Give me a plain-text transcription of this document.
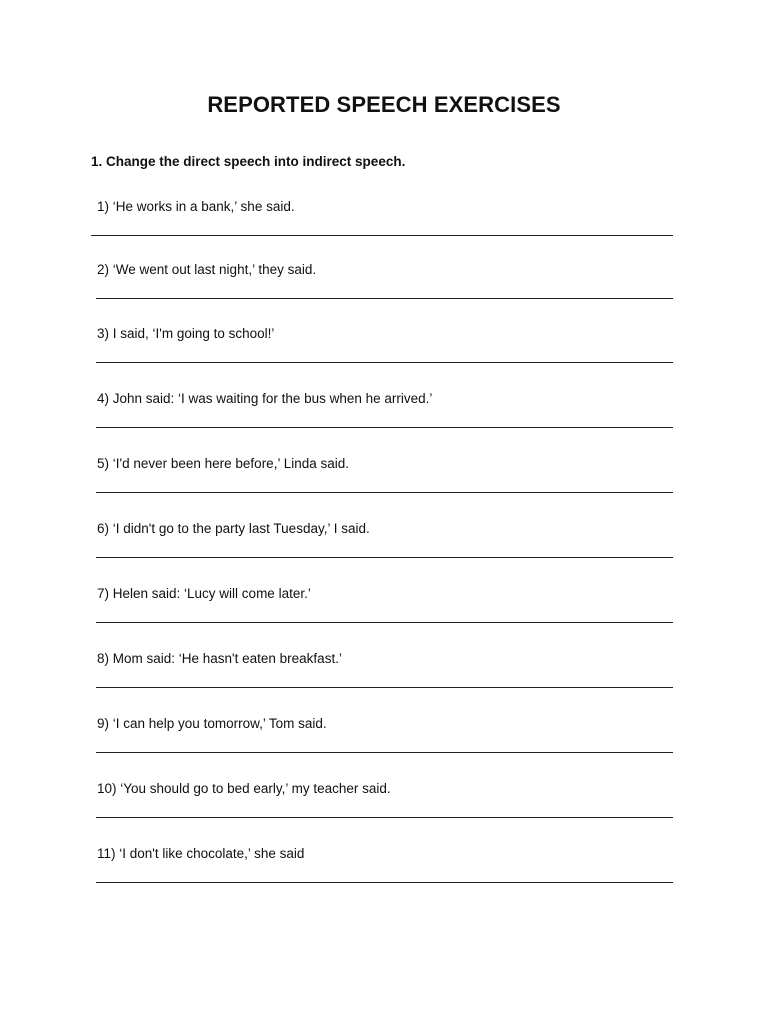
REPORTED SPEECH EXERCISES
1. Change the direct speech into indirect speech.
1) ‘He works in a bank,’ she said.
2) ‘We went out last night,’ they said.
3) I said, ‘I'm going to school!’
4) John said: ‘I was waiting for the bus when he arrived.’
5) ‘I'd never been here before,’ Linda said.
6) ‘I didn't go to the party last Tuesday,’ I said.
7) Helen said: ‘Lucy will come later.’
8) Mom said: ‘He hasn't eaten breakfast.’
9) ‘I can help you tomorrow,’ Tom said.
10) ‘You should go to bed early,’ my teacher said.
11) ‘I don't like chocolate,’ she said
